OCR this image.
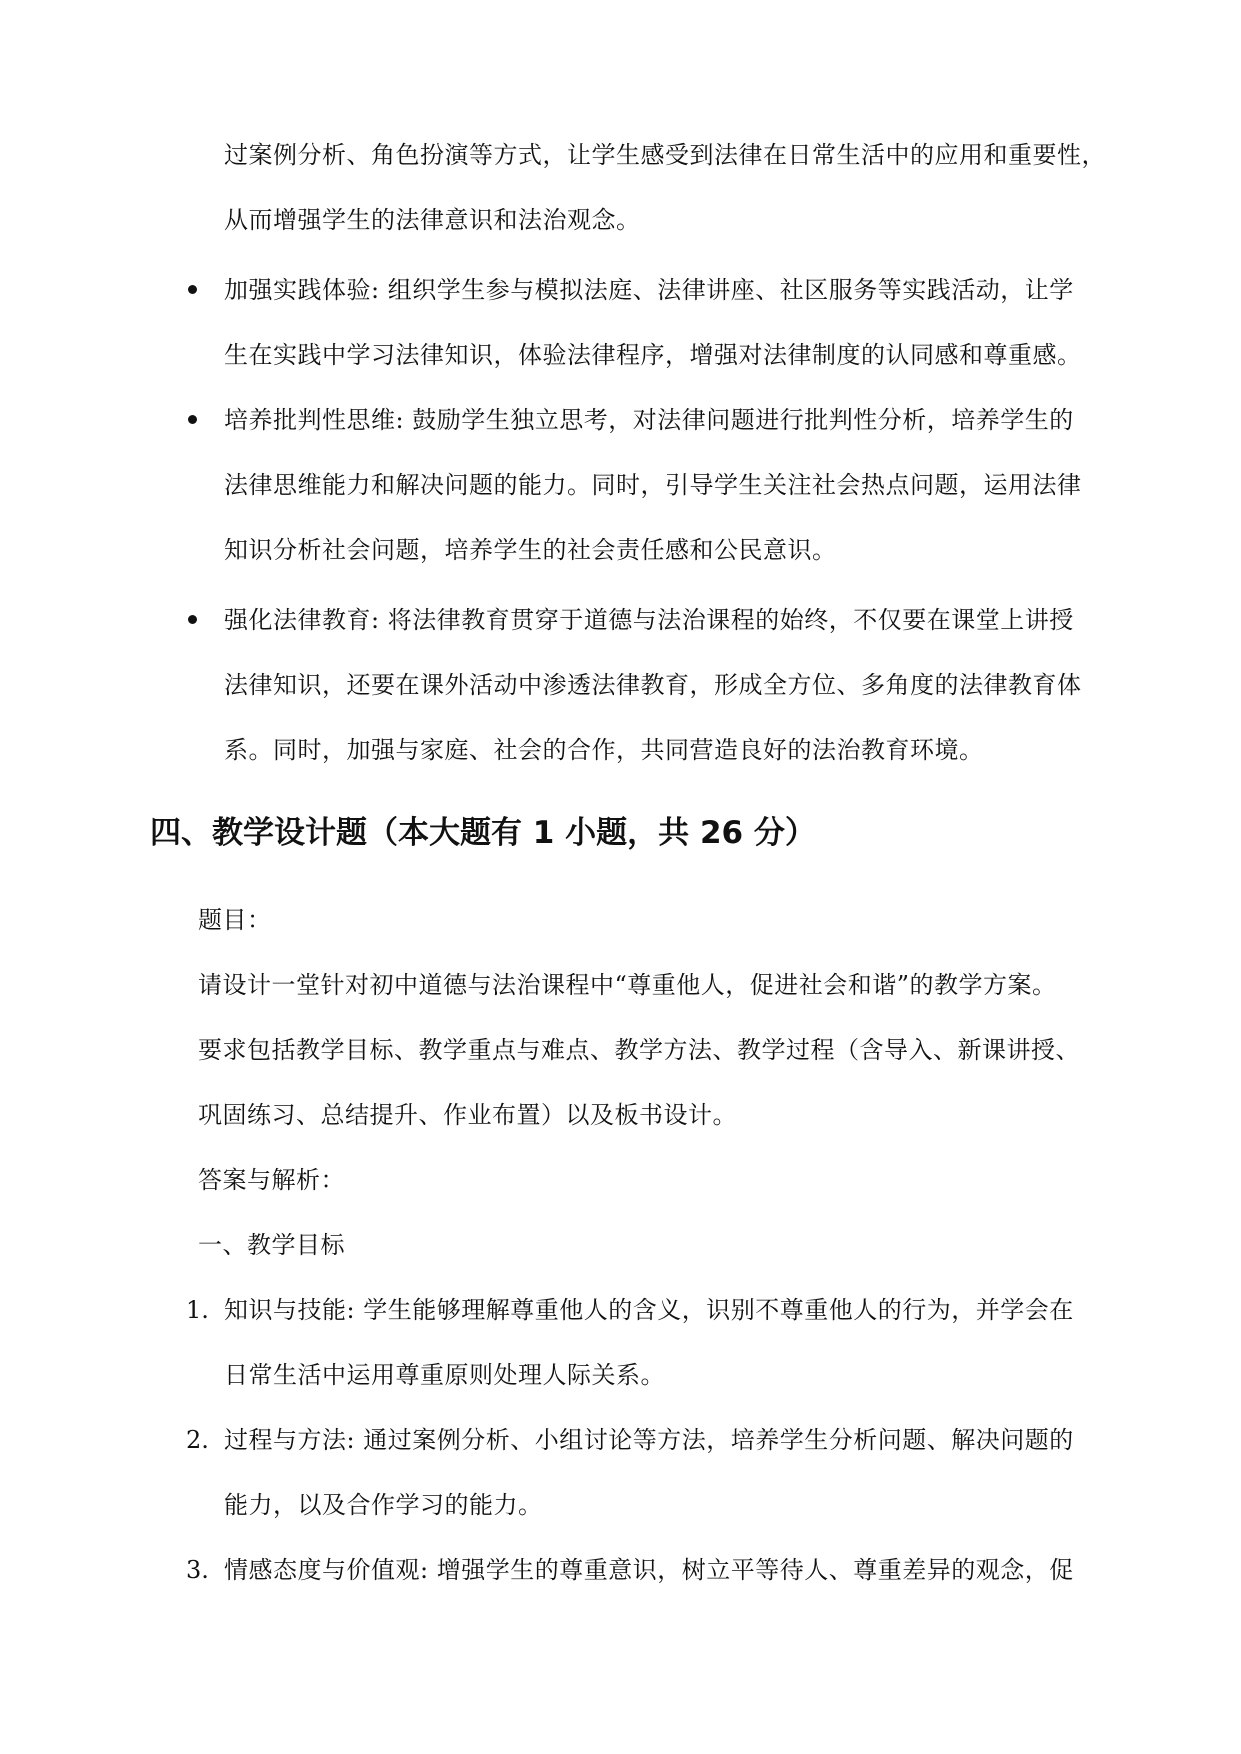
过案例分析、角色扮演等方式，让学生感受到法律在日常生活中的应用和重要性，
从而增强学生的法律意识和法治观念。
加强实践体验: 组织学生参与模拟法庭、法律讲座、社区服务等实践活动，让学
生在实践中学习法律知识，体验法律程序，增强对法律制度的认同感和尊重感。
培养批判性思维: 鼓励学生独立思考，对法律问题进行批判性分析，培养学生的
法律思维能力和解决问题的能力。同时，引导学生关注社会热点问题，运用法律
知识分析社会问题，培养学生的社会责任感和公民意识。
强化法律教育: 将法律教育贯穿于道德与法治课程的始终，不仅要在课堂上讲授
法律知识，还要在课外活动中渗透法律教育，形成全方位、多角度的法律教育体
系。同时，加强与家庭、社会的合作，共同营造良好的法治教育环境。
四、教学设计题（本大题有 1 小题，共 26 分）
题目：
请设计一堂针对初中道德与法治课程中“尊重他人，促进社会和谐”的教学方案。
要求包括教学目标、教学重点与难点、教学方法、教学过程（含导入、新课讲授、
巩固练习、总结提升、作业布置）以及板书设计。
答案与解析：
一、教学目标
1. 知识与技能: 学生能够理解尊重他人的含义，识别不尊重他人的行为，并学会在
日常生活中运用尊重原则处理人际关系。
2. 过程与方法: 通过案例分析、小组讨论等方法，培养学生分析问题、解决问题的
能力，以及合作学习的能力。
3. 情感态度与价值观: 增强学生的尊重意识，树立平等待人、尊重差异的观念，促
